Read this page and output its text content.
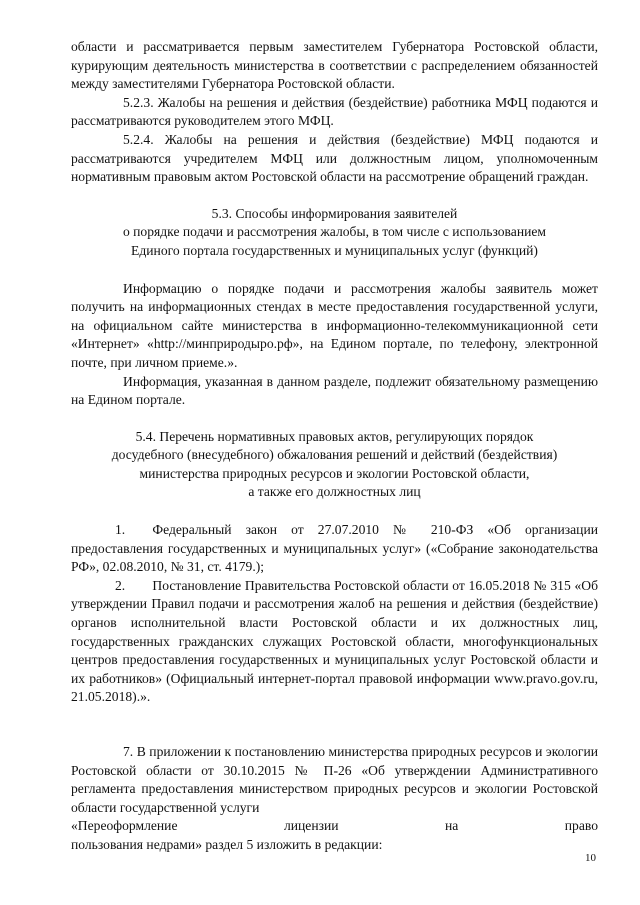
области и рассматривается первым заместителем Губернатора Ростовской области, курирующим деятельность министерства в соответствии с распределением обязанностей между заместителями Губернатора Ростовской области.

5.2.3. Жалобы на решения и действия (бездействие) работника МФЦ подаются и рассматриваются руководителем этого МФЦ.

5.2.4. Жалобы на решения и действия (бездействие) МФЦ подаются и рассматриваются учредителем МФЦ или должностным лицом, уполномоченным нормативным правовым актом Ростовской области на рассмотрение обращений граждан.

5.3. Способы информирования заявителей
о порядке подачи и рассмотрения жалобы, в том числе с использованием
Единого портала государственных и муниципальных услуг (функций)

Информацию о порядке подачи и рассмотрения жалобы заявитель может получить на информационных стендах в месте предоставления государственной услуги, на официальном сайте министерства в информационно-телекоммуникационной сети «Интернет» «http://минприродыро.рф», на Едином портале, по телефону, электронной почте, при личном приеме.».

Информация, указанная в данном разделе, подлежит обязательному размещению на Едином портале.

5.4. Перечень нормативных правовых актов, регулирующих порядок
досудебного (внесудебного) обжалования решений и действий (бездействия)
министерства природных ресурсов и экологии Ростовской области,
а также его должностных лиц

1.  Федеральный закон от 27.07.2010 № 210-ФЗ «Об организации предоставления государственных и муниципальных услуг» («Собрание законодательства РФ», 02.08.2010, № 31, ст. 4179.);

2.  Постановление Правительства Ростовской области от 16.05.2018 № 315 «Об утверждении Правил подачи и рассмотрения жалоб на решения и действия (бездействие) органов исполнительной власти Ростовской области и их должностных лиц, государственных гражданских служащих Ростовской области, многофункциональных центров предоставления государственных и муниципальных услуг Ростовской области и их работников» (Официальный интернет-портал правовой информации www.pravo.gov.ru, 21.05.2018).».

7. В приложении к постановлению министерства природных ресурсов и экологии Ростовской области от 30.10.2015 № П-26 «Об утверждении Административного регламента предоставления министерством природных ресурсов и экологии Ростовской области государственной услуги

«Переоформление	лицензии	на	право

пользования недрами» раздел 5 изложить в редакции:

10
